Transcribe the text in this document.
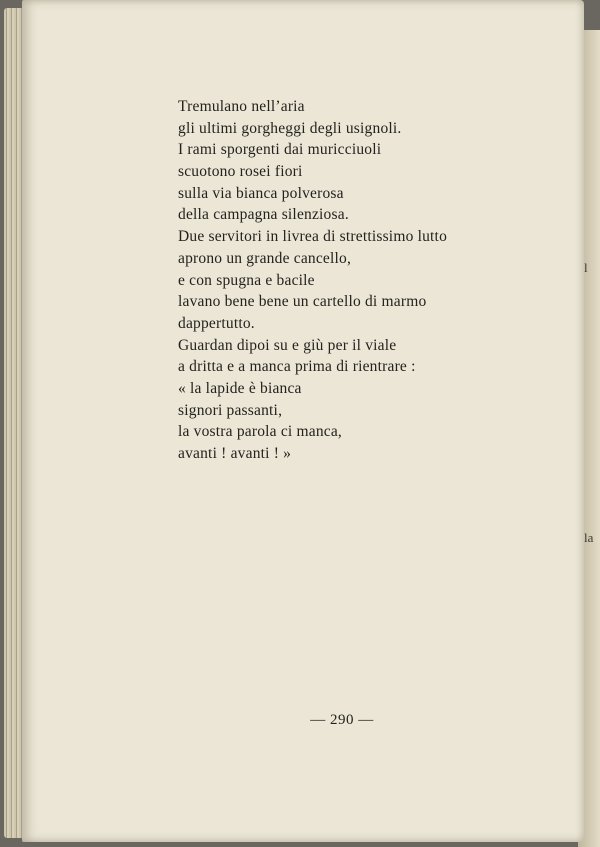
l
la
Tremulano nell’aria
gli ultimi gorgheggi degli usignoli.
I rami sporgenti dai muricciuoli
scuotono rosei fiori
sulla via bianca polverosa
della campagna silenziosa.
Due servitori in livrea di strettissimo lutto
aprono un grande cancello,
e con spugna e bacile
lavano bene bene un cartello di marmo
dappertutto.
Guardan dipoi su e giù per il viale
a dritta e a manca prima di rientrare :
« la lapide è bianca
signori passanti,
la vostra parola ci manca,
avanti ! avanti ! »
— 290 —
